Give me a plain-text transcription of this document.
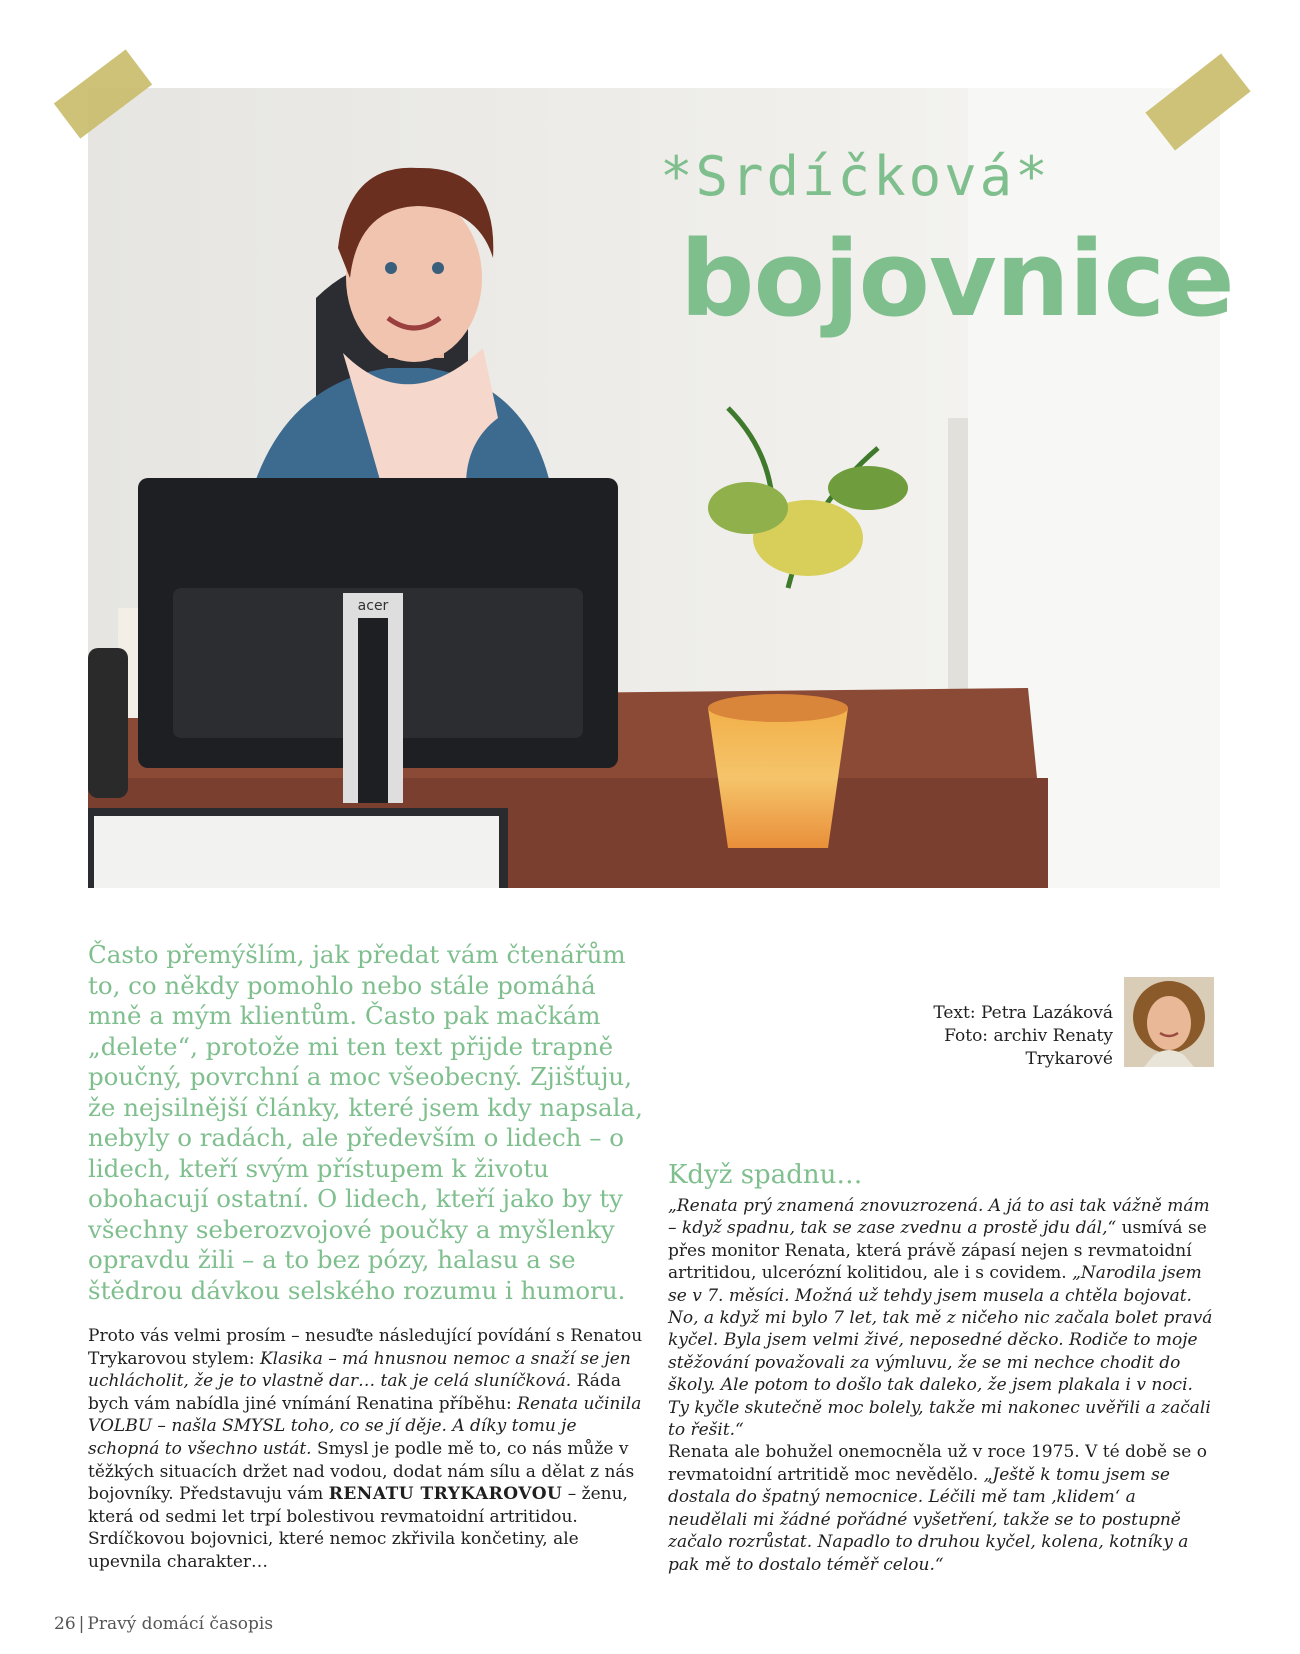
acer
*Srdíčková*
bojovnice
Často přemýšlím, jak předat vám čtenářům to, co někdy pomohlo nebo stále pomáhá mně a mým klientům. Často pak mačkám „delete“, protože mi ten text přijde trapně poučný, povrchní a moc všeobecný. Zjišťuju, že nejsilnější články, které jsem kdy napsala, nebyly o radách, ale především o lidech – o lidech, kteří svým přístupem k životu obohacují ostatní. O lidech, kteří jako by ty všechny seberozvojové poučky a myšlenky opravdu žili – a to bez pózy, halasu a se štědrou dávkou selského rozumu i humoru.

Proto vás velmi prosím – nesuďte následující povídání s Renatou Trykarovou stylem: Klasika – má hnusnou nemoc a snaží se jen uchlácholit, že je to vlastně dar… tak je celá sluníčková. Ráda bych vám nabídla jiné vnímání Renatina příběhu: Renata učinila VOLBU – našla SMYSL toho, co se jí děje. A díky tomu je schopná to všechno ustát. Smysl je podle mě to, co nás může v těžkých situacích držet nad vodou, dodat nám sílu a dělat z nás bojovníky. Představuju vám RENATU TRYKAROVOU – ženu, která od sedmi let trpí bolestivou revmatoidní artritidou. Srdíčkovou bojovnici, které nemoc zkřivila končetiny, ale upevnila charakter…

Text: Petra Lazáková
Foto: archiv Renaty Trykarové
Když spadnu…

„Renata prý znamená znovuzrozená. A já to asi tak vážně mám – když spadnu, tak se zase zvednu a prostě jdu dál,“ usmívá se přes monitor Renata, která právě zápasí nejen s revmatoidní artritidou, ulcerózní kolitidou, ale i s covidem. „Narodila jsem se v 7. měsíci. Možná už tehdy jsem musela a chtěla bojovat. No, a když mi bylo 7 let, tak mě z ničeho nic začala bolet pravá kyčel. Byla jsem velmi živé, neposedné děcko. Rodiče to moje stěžování považovali za výmluvu, že se mi nechce chodit do školy. Ale potom to došlo tak daleko, že jsem plakala i v noci. Ty kyčle skutečně moc bolely, takže mi nakonec uvěřili a začali to řešit.“

Renata ale bohužel onemocněla už v roce 1975. V té době se o revmatoidní artritidě moc nevědělo. „Ještě k tomu jsem se dostala do špatný nemocnice. Léčili mě tam ‚klidem‘ a neudělali mi žádné pořádné vyšetření, takže se to postupně začalo rozrůstat. Napadlo to druhou kyčel, kolena, kotníky a pak mě to dostalo téměř celou.“

26 | Pravý domácí časopis
